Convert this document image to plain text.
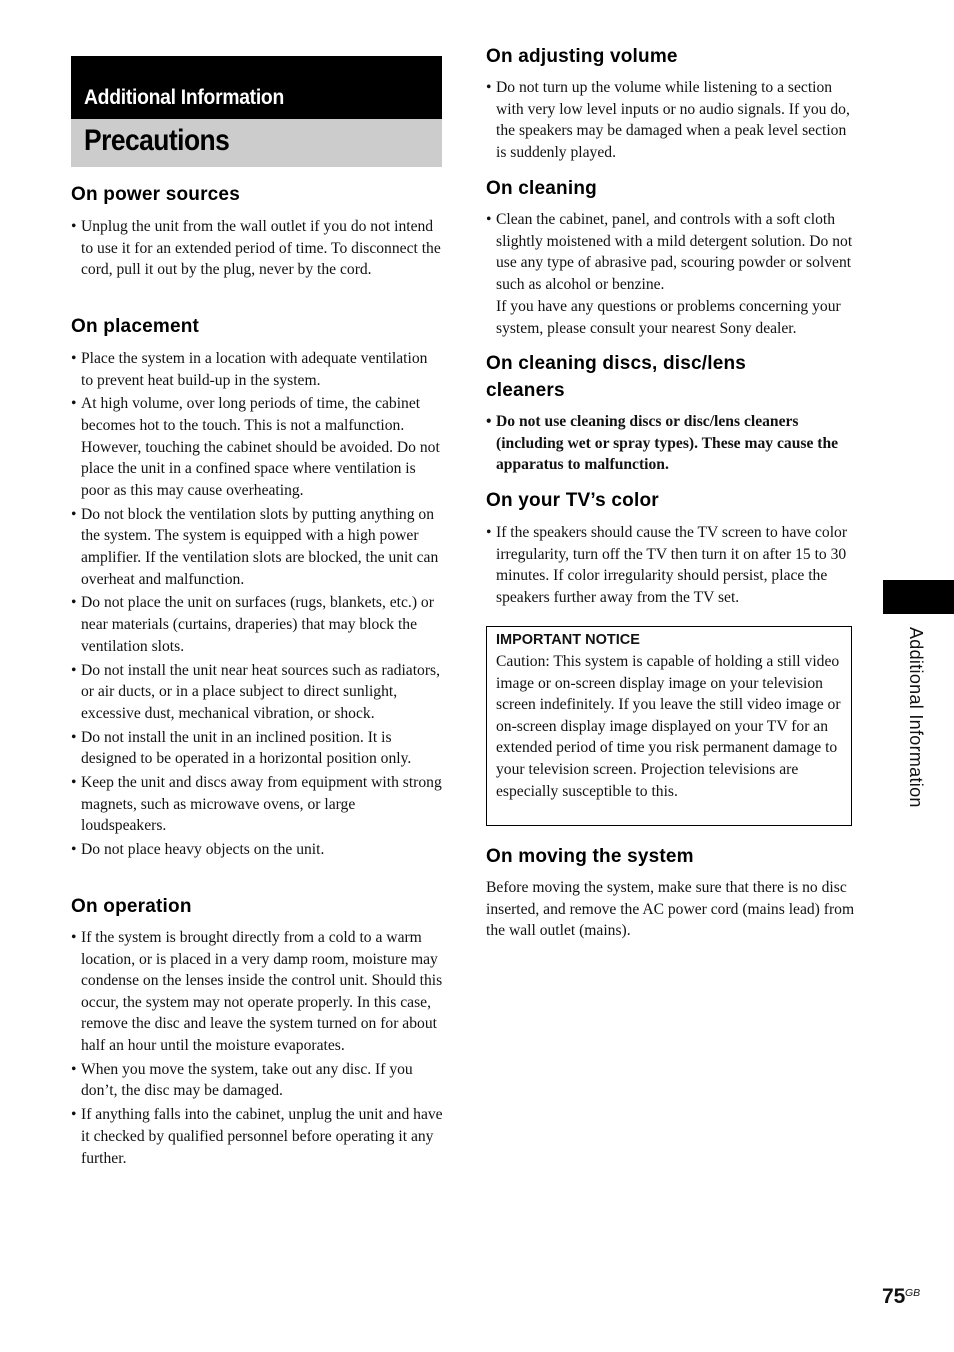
Additional Information
Precautions
On power sources
• Unplug the unit from the wall outlet if you do not intend to use it for an extended period of time. To disconnect the cord, pull it out by the plug, never by the cord.
On placement
• Place the system in a location with adequate ventilation to prevent heat build-up in the system.
• At high volume, over long periods of time, the cabinet becomes hot to the touch. This is not a malfunction. However, touching the cabinet should be avoided. Do not place the unit in a confined space where ventilation is poor as this may cause overheating.
• Do not block the ventilation slots by putting anything on the system. The system is equipped with a high power amplifier. If the ventilation slots are blocked, the unit can overheat and malfunction.
• Do not place the unit on surfaces (rugs, blankets, etc.) or near materials (curtains, draperies) that may block the ventilation slots.
• Do not install the unit near heat sources such as radiators, or air ducts, or in a place subject to direct sunlight, excessive dust, mechanical vibration, or shock.
• Do not install the unit in an inclined position. It is designed to be operated in a horizontal position only.
• Keep the unit and discs away from equipment with strong magnets, such as microwave ovens, or large loudspeakers.
• Do not place heavy objects on the unit.
On operation
• If the system is brought directly from a cold to a warm location, or is placed in a very damp room, moisture may condense on the lenses inside the control unit. Should this occur, the system may not operate properly. In this case, remove the disc and leave the system turned on for about half an hour until the moisture evaporates.
• When you move the system, take out any disc. If you don’t, the disc may be damaged.
• If anything falls into the cabinet, unplug the unit and have it checked by qualified personnel before operating it any further.
On adjusting volume
• Do not turn up the volume while listening to a section with very low level inputs or no audio signals. If you do, the speakers may be damaged when a peak level section is suddenly played.
On cleaning
• Clean the cabinet, panel, and controls with a soft cloth slightly moistened with a mild detergent solution. Do not use any type of abrasive pad, scouring powder or solvent such as alcohol or benzine.

If you have any questions or problems concerning your system, please consult your nearest Sony dealer.

On cleaning discs, disc/lens
cleaners
• Do not use cleaning discs or disc/lens cleaners (including wet or spray types). These may cause the apparatus to malfunction.
On your TV’s color
• If the speakers should cause the TV screen to have color irregularity, turn off the TV then turn it on after 15 to 30 minutes. If color irregularity should persist, place the speakers further away from the TV set.
IMPORTANT NOTICE
Caution: This system is capable of holding a still video image or on-screen display image on your television screen indefinitely. If you leave the still video image or on-screen display image displayed on your TV for an extended period of time you risk permanent damage to your television screen. Projection televisions are especially susceptible to this.
On moving the system

Before moving the system, make sure that there is no disc inserted, and remove the AC power cord (mains lead) from the wall outlet (mains).

Additional Information
75 GB
